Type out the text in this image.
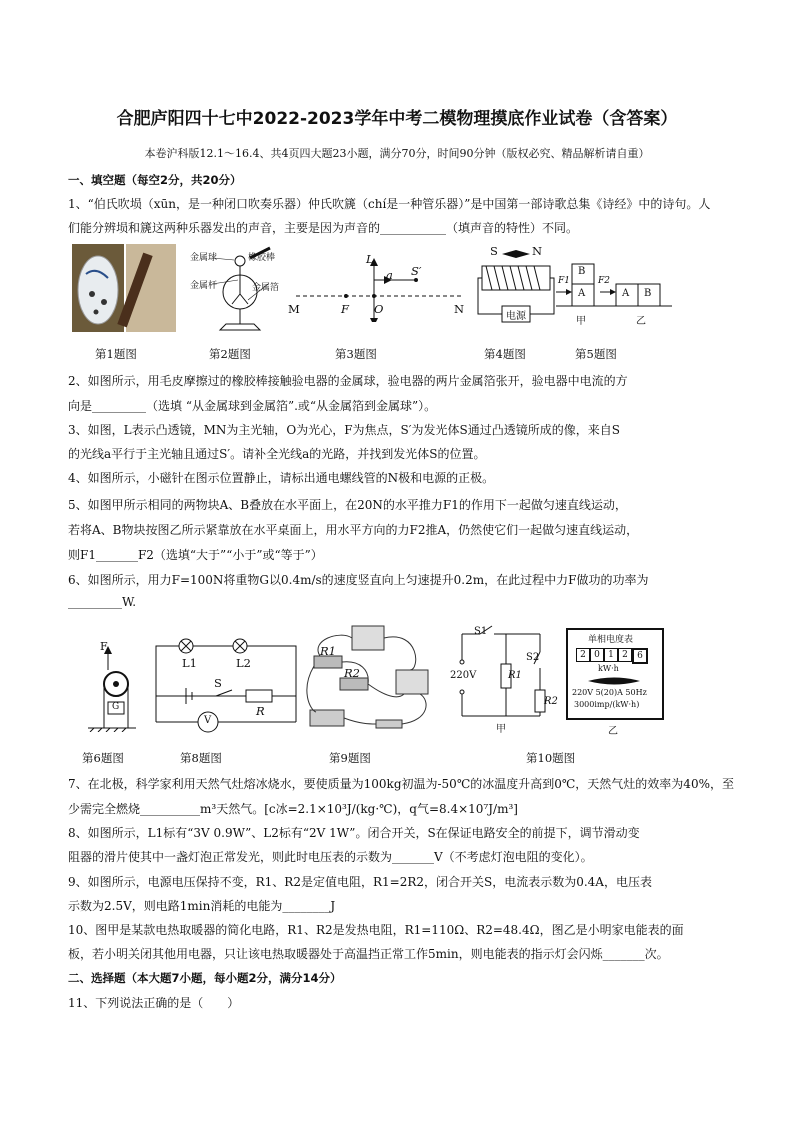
合肥庐阳四十七中2022-2023学年中考二模物理摸底作业试卷（含答案）
本卷沪科版12.1～16.4、共4页四大题23小题，满分70分，时间90分钟（版权必究、精品解析请自重）
一、填空题（每空2分，共20分）
1、“伯氏吹埙（xūn，是一种闭口吹奏乐器）仲氏吹篪（chí是一种管乐器）”是中国第一部诗歌总集《诗经》中的诗句。人
们能分辨埙和篪这两种乐器发出的声音，主要是因为声音的___________（填声音的特性）不同。
金属球	橡胶棒
金属杆	金属箔
L
a S′
M	F O	N
S	N
电源
B
A
F1	F2
A B
甲	乙
第1题图	第2题图	第3题图	第4题图	第5题图
2、如图所示，用毛皮摩擦过的橡胶棒接触验电器的金属球，验电器的两片金属箔张开，验电器中电流的方
向是_________（选填 “从金属球到金属箔”.或“从金属箔到金属球”）。
3、如图，L表示凸透镜，MN为主光轴，O为光心，F为焦点，S′为发光体S通过凸透镜所成的像，来自S
的光线a平行于主光轴且通过S′。请补全光线a的光路，并找到发光体S的位置。
4、如图所示，小磁针在图示位置静止，请标出通电螺线管的N极和电源的正极。
5、如图甲所示相同的两物块A、B叠放在水平面上，在20N的水平推力F1的作用下一起做匀速直线运动，
若将A、B物块按图乙所示紧靠放在水平桌面上，用水平方向的力F2推A，仍然使它们一起做匀速直线运动，
则F1_______F2（选填“大于”“小于”或“等于”）
6、如图所示，用力F=100N将重物G以0.4m/s的速度竖直向上匀速提升0.2m，在此过程中力F做功的功率为
_________W.
F
G
L1	L2
S
R
V
R1
R2
S1
S2
R1
R2
220V
甲
单相电度表
2 0 1 2	6
kW·h
220V 5(20)A 50Hz
3000imp/(kW·h)
乙
第6题图	第8题图	第9题图	第10题图
7、在北极，科学家利用天然气灶熔冰烧水，要使质量为100kg初温为-50℃的冰温度升高到0℃，天然气灶的效率为40%，至
少需完全燃烧__________m³天然气。[c冰=2.1×10³J/(kg·℃)，q气=8.4×10⁷J/m³]
8、如图所示，L1标有“3V 0.9W”、L2标有“2V 1W”。闭合开关，S在保证电路安全的前提下，调节滑动变
阻器的滑片使其中一盏灯泡正常发光，则此时电压表的示数为_______V（不考虑灯泡电阻的变化）。
9、如图所示，电源电压保持不变，R1、R2是定值电阻，R1=2R2，闭合开关S，电流表示数为0.4A，电压表
示数为2.5V，则电路1min消耗的电能为________J
10、图甲是某款电热取暖器的简化电路，R1、R2是发热电阻，R1=110Ω、R2=48.4Ω，图乙是小明家电能表的面
板，若小明关闭其他用电器，只让该电热取暖器处于高温挡正常工作5min，则电能表的指示灯会闪烁_______次。
二、选择题（本大题7小题，每小题2分，满分14分）
11、下列说法正确的是（　　）
